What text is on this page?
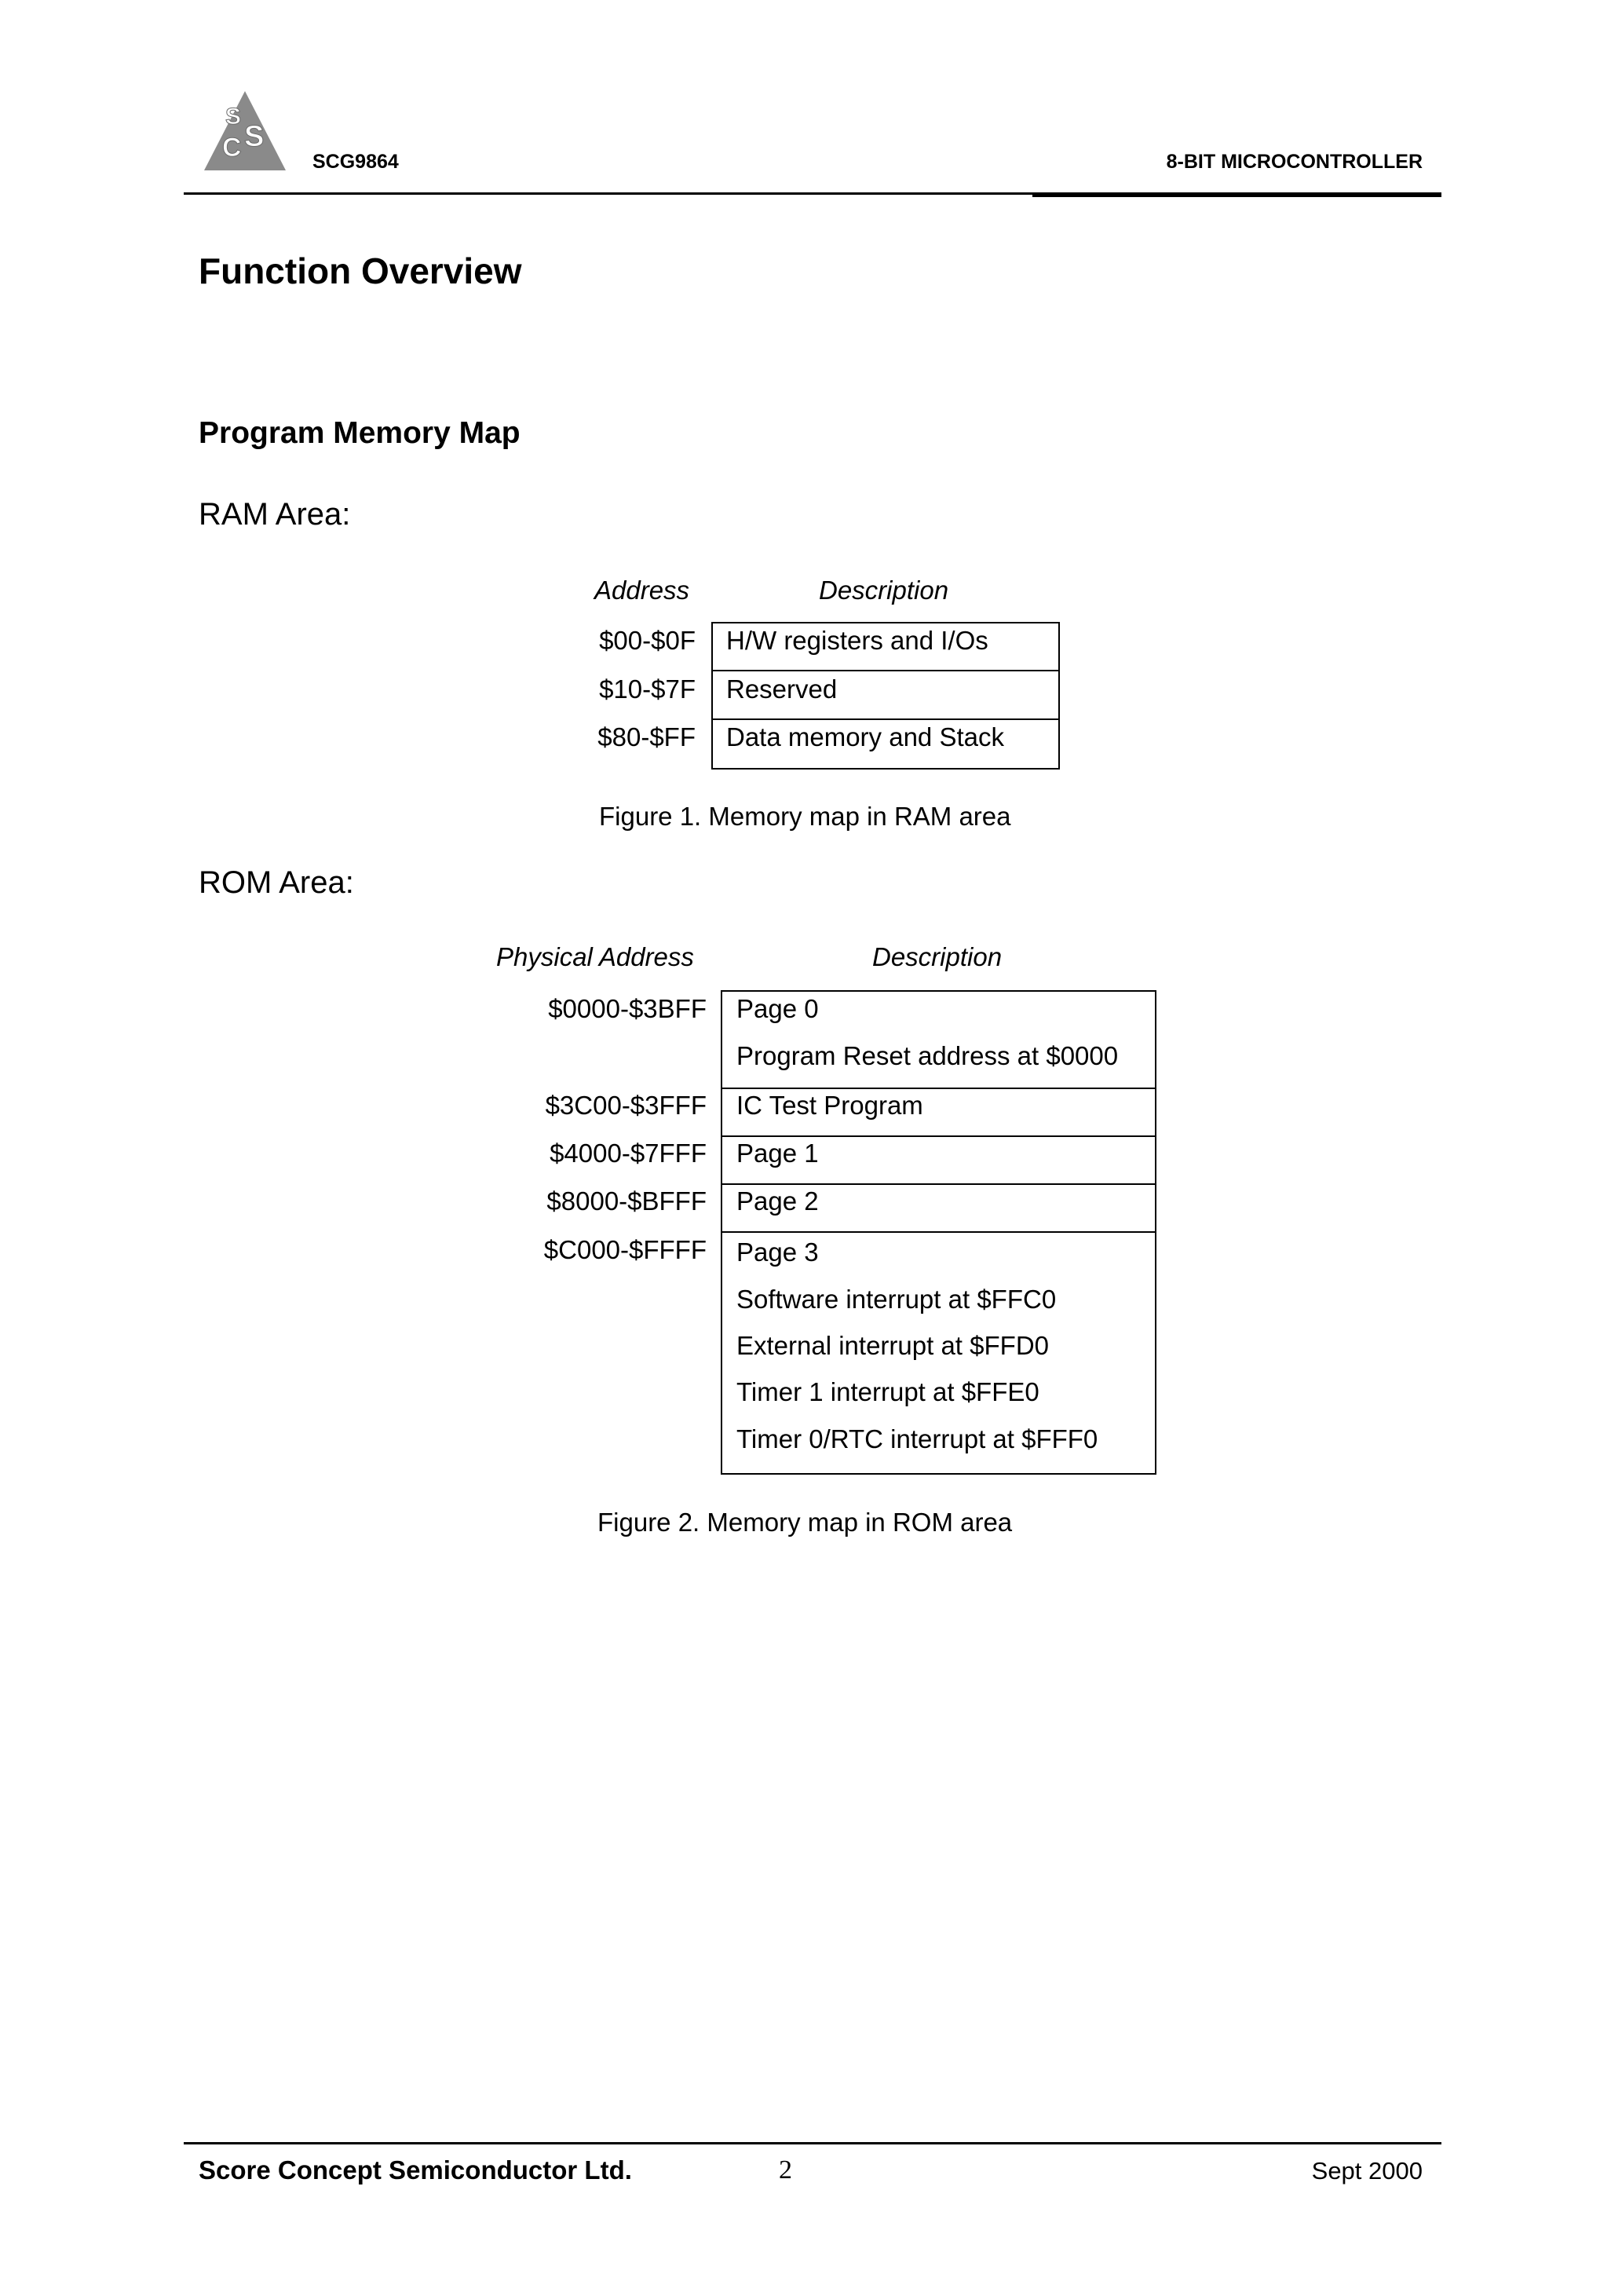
S
C S
SCG9864	8-BIT MICROCONTROLLER
Function Overview
Program Memory Map
RAM Area:
Address	Description
$00-$0F H/W registers and I/Os
$10-$7F Reserved
$80-$FF Data memory and Stack
Figure 1. Memory map in RAM area
ROM Area:
Physical Address	Description
$0000-$3BFF Page 0
Program Reset address at $0000
$3C00-$3FFF IC Test Program
$4000-$7FFF Page 1
$8000-$BFFF Page 2
$C000-$FFFF Page 3
Software interrupt at $FFC0
External interrupt at $FFD0
Timer 1 interrupt at $FFE0
Timer 0/RTC interrupt at $FFF0
Figure 2. Memory map in ROM area
Score Concept Semiconductor Ltd.	2	Sept 2000
